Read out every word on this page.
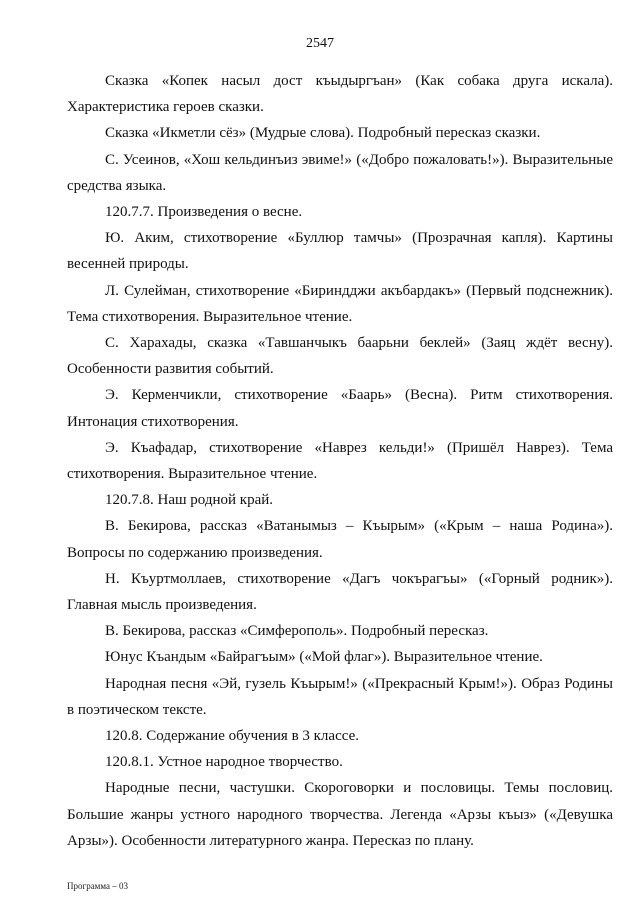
2547

Сказка «Копек насыл дост къыдыргъан» (Как собака друга искала). Характеристика героев сказки.

Сказка «Икметли сёз» (Мудрые слова). Подробный пересказ сказки.

С. Усеинов, «Хош кельдинъиз эвиме!» («Добро пожаловать!»). Выразительные средства языка.

120.7.7. Произведения о весне.

Ю. Аким, стихотворение «Буллюр тамчы» (Прозрачная капля). Картины весенней природы.

Л. Сулейман, стихотворение «Бириндджи акъбардакъ» (Первый подснежник). Тема стихотворения. Выразительное чтение.

С. Харахады, сказка «Тавшанчыкъ баарьни беклей» (Заяц ждёт весну). Особенности развития событий.

Э. Керменчикли, стихотворение «Баарь» (Весна). Ритм стихотворения. Интонация стихотворения.

Э. Къафадар, стихотворение «Наврез кельди!» (Пришёл Наврез). Тема стихотворения. Выразительное чтение.

120.7.8. Наш родной край.

В. Бекирова, рассказ «Ватанымыз – Къырым» («Крым – наша Родина»). Вопросы по содержанию произведения.

Н. Къуртмоллаев, стихотворение «Дагъ чокърагъы» («Горный родник»). Главная мысль произведения.

В. Бекирова, рассказ «Симферополь». Подробный пересказ.

Юнус Къандым «Байрагъым» («Мой флаг»). Выразительное чтение.

Народная песня «Эй, гузель Къырым!» («Прекрасный Крым!»). Образ Родины в поэтическом тексте.

120.8. Содержание обучения в 3 классе.

120.8.1. Устное народное творчество.

Народные песни, частушки. Скороговорки и пословицы. Темы пословиц. Большие жанры устного народного творчества. Легенда «Арзы къыз» («Девушка Арзы»). Особенности литературного жанра. Пересказ по плану.

Программа – 03
